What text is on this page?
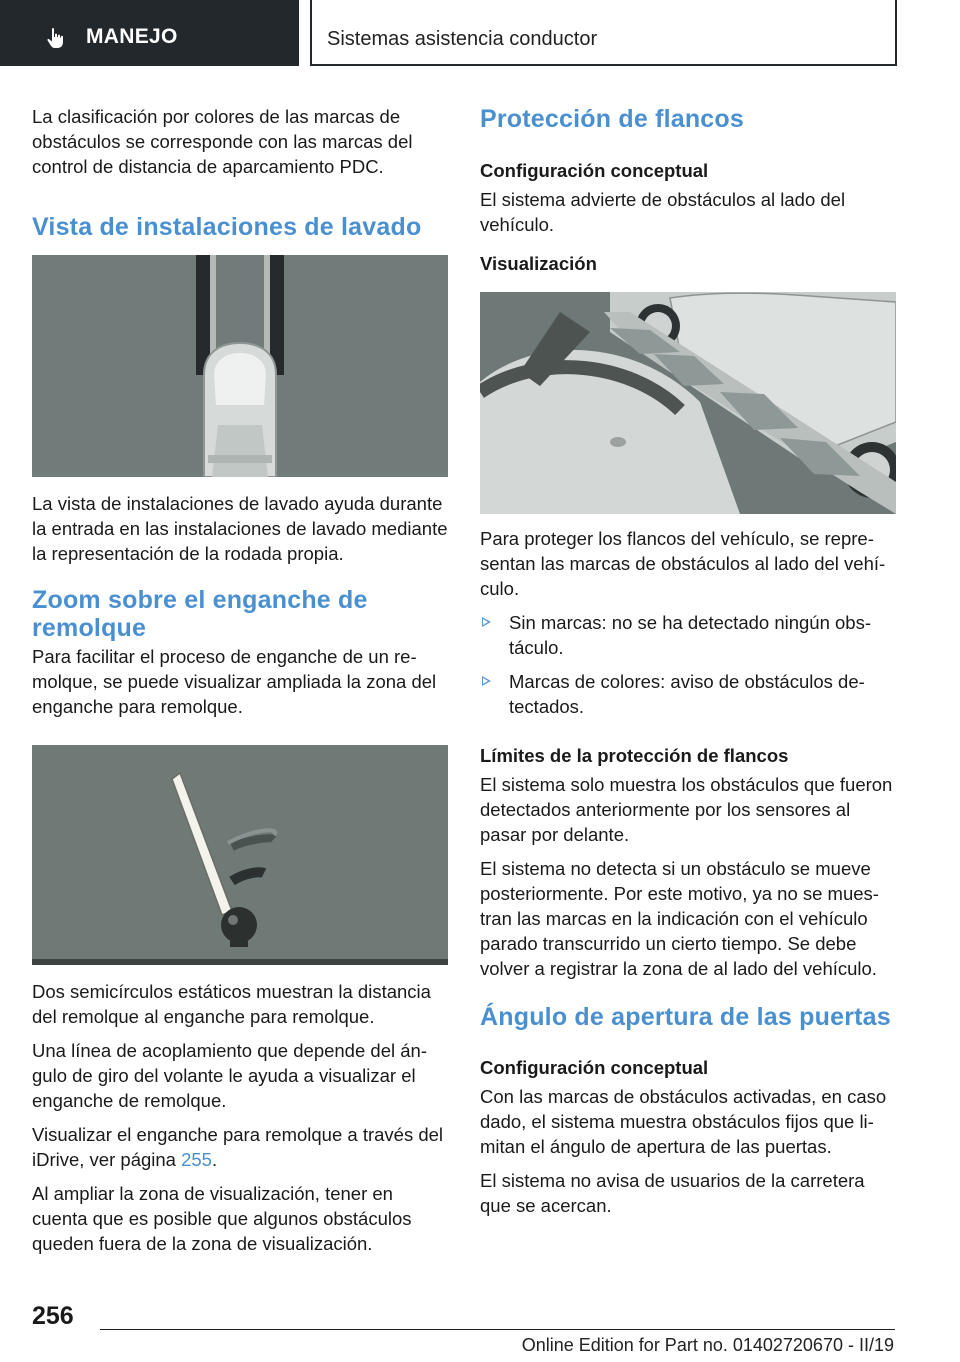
MANEJO	Sistemas asistencia conductor

La clasificación por colores de las marcas de obstáculos se corresponde con las marcas del control de distancia de aparcamiento PDC.

Vista de instalaciones de lavado

La vista de instalaciones de lavado ayuda durante la entrada en las instalaciones de lavado mediante la representación de la rodada propia.

Zoom sobre el enganche de remolque

Para facilitar el proceso de enganche de un remolque, se puede visualizar ampliada la zona del enganche para remolque.

Dos semicírculos estáticos muestran la distancia del remolque al enganche para remolque.

Una línea de acoplamiento que depende del ángulo de giro del volante le ayuda a visualizar el enganche de remolque.

Visualizar el enganche para remolque a través del iDrive, ver página 255.

Al ampliar la zona de visualización, tener en cuenta que es posible que algunos obstáculos queden fuera de la zona de visualización.

Protección de flancos
Configuración conceptual

El sistema advierte de obstáculos al lado del vehículo.

Visualización

Para proteger los flancos del vehículo, se representan las marcas de obstáculos al lado del vehículo.

Sin marcas: no se ha detectado ningún obstáculo.

Marcas de colores: aviso de obstáculos detectados.

Límites de la protección de flancos

El sistema solo muestra los obstáculos que fueron detectados anteriormente por los sensores al pasar por delante.

El sistema no detecta si un obstáculo se mueve posteriormente. Por este motivo, ya no se muestran las marcas en la indicación con el vehículo parado transcurrido un cierto tiempo. Se debe volver a registrar la zona de al lado del vehículo.

Ángulo de apertura de las puertas
Configuración conceptual

Con las marcas de obstáculos activadas, en caso dado, el sistema muestra obstáculos fijos que limitan el ángulo de apertura de las puertas.

El sistema no avisa de usuarios de la carretera que se acercan.

256
Online Edition for Part no. 01402720670 - II/19
